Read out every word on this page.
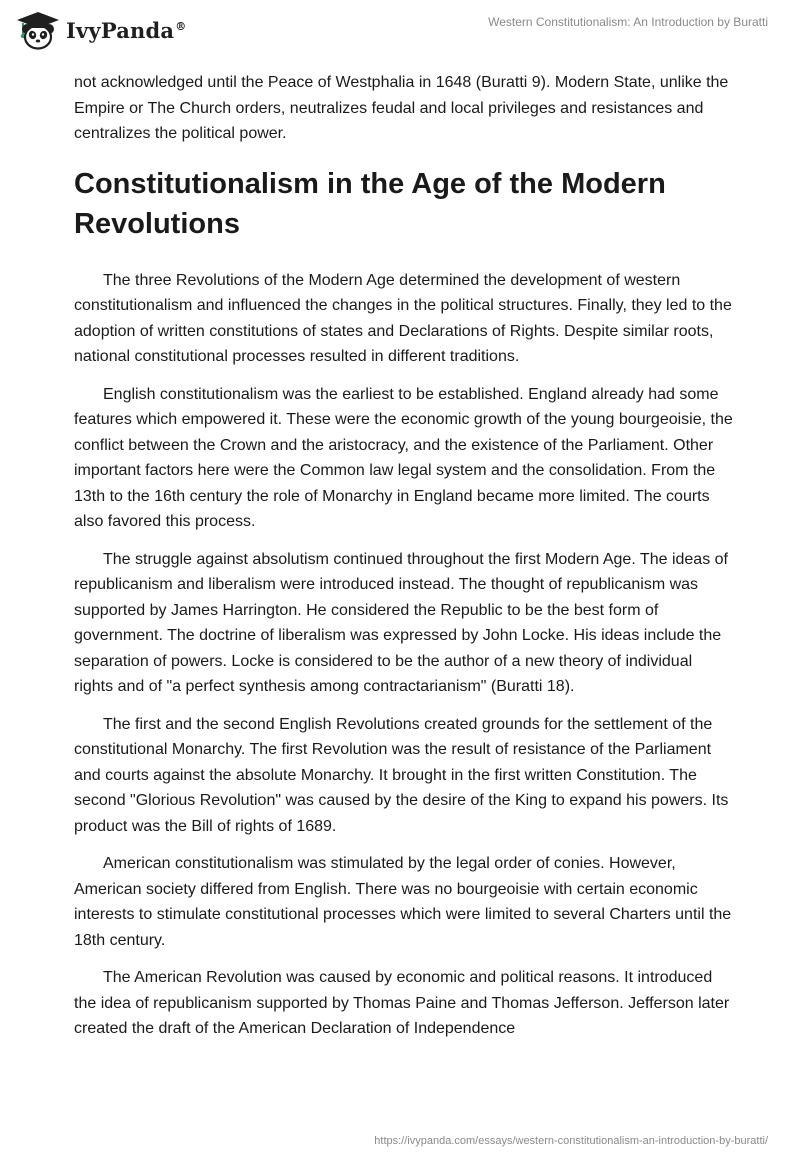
IvyPanda®	Western Constitutionalism: An Introduction by Buratti

not acknowledged until the Peace of Westphalia in 1648 (Buratti 9). Modern State, unlike the Empire or The Church orders, neutralizes feudal and local privileges and resistances and centralizes the political power.

Constitutionalism in the Age of the Modern Revolutions

The three Revolutions of the Modern Age determined the development of western constitutionalism and influenced the changes in the political structures. Finally, they led to the adoption of written constitutions of states and Declarations of Rights. Despite similar roots, national constitutional processes resulted in different traditions.

English constitutionalism was the earliest to be established. England already had some features which empowered it. These were the economic growth of the young bourgeoisie, the conflict between the Crown and the aristocracy, and the existence of the Parliament. Other important factors here were the Common law legal system and the consolidation. From the 13th to the 16th century the role of Monarchy in England became more limited. The courts also favored this process.

The struggle against absolutism continued throughout the first Modern Age. The ideas of republicanism and liberalism were introduced instead. The thought of republicanism was supported by James Harrington. He considered the Republic to be the best form of government. The doctrine of liberalism was expressed by John Locke. His ideas include the separation of powers. Locke is considered to be the author of a new theory of individual rights and of "a perfect synthesis among contractarianism" (Buratti 18).

The first and the second English Revolutions created grounds for the settlement of the constitutional Monarchy. The first Revolution was the result of resistance of the Parliament and courts against the absolute Monarchy. It brought in the first written Constitution. The second "Glorious Revolution" was caused by the desire of the King to expand his powers. Its product was the Bill of rights of 1689.

American constitutionalism was stimulated by the legal order of conies. However, American society differed from English. There was no bourgeoisie with certain economic interests to stimulate constitutional processes which were limited to several Charters until the 18th century.

The American Revolution was caused by economic and political reasons. It introduced the idea of republicanism supported by Thomas Paine and Thomas Jefferson. Jefferson later created the draft of the American Declaration of Independence

https://ivypanda.com/essays/western-constitutionalism-an-introduction-by-buratti/
